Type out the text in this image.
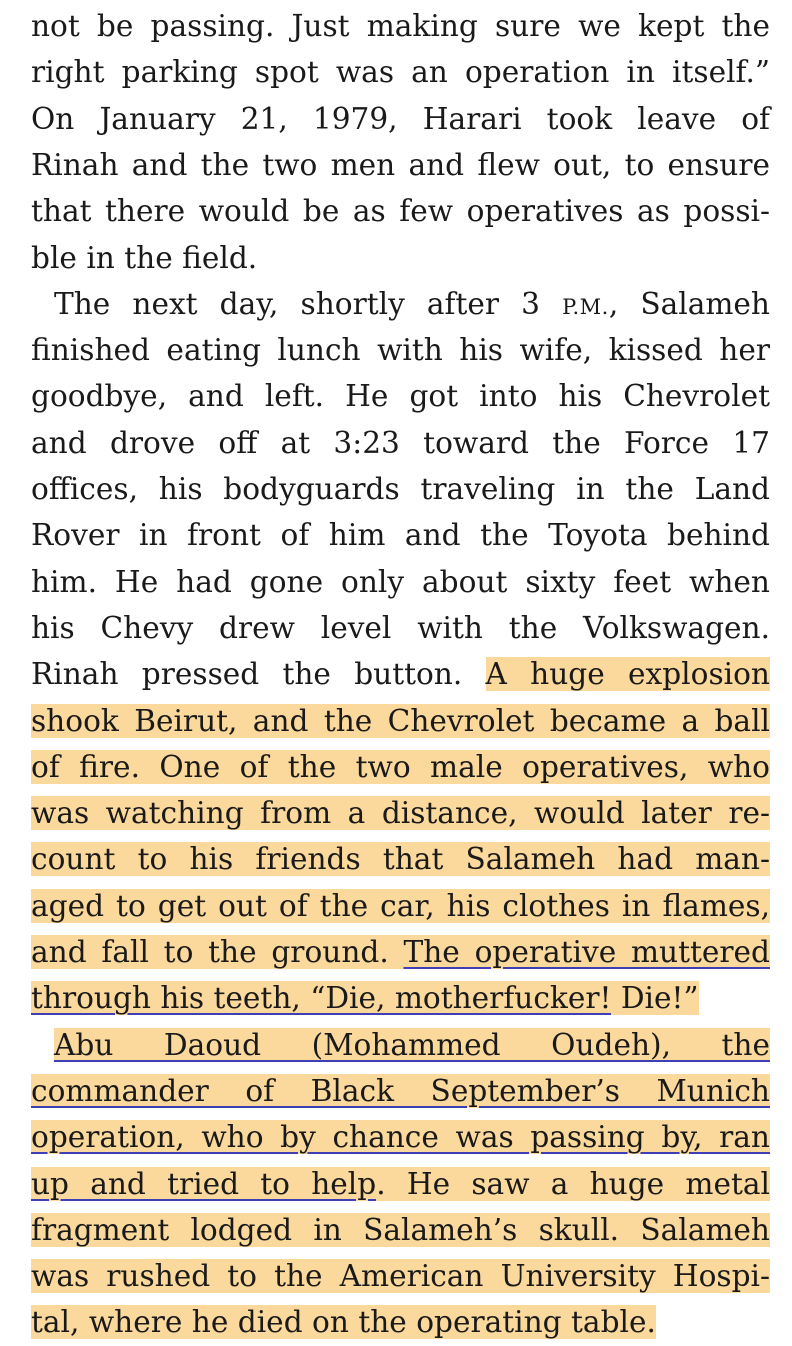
not be passing. Just making sure we kept the
right parking spot was an operation in itself.”
On January 21, 1979, Harari took leave of
Rinah and the two men and flew out, to ensure
that there would be as few operatives as possi-
ble in the field.
The next day, shortly after 3 P.M., Salameh
finished eating lunch with his wife, kissed her
goodbye, and left. He got into his Chevrolet
and drove off at 3:23 toward the Force 17
offices, his bodyguards traveling in the Land
Rover in front of him and the Toyota behind
him. He had gone only about sixty feet when
his Chevy drew level with the Volkswagen.
Rinah pressed the button. A huge explosion
shook Beirut, and the Chevrolet became a ball
of fire. One of the two male operatives, who
was watching from a distance, would later re-
count to his friends that Salameh had man-
aged to get out of the car, his clothes in flames,
and fall to the ground. The operative muttered
through his teeth, “Die, motherfucker! Die!”
Abu Daoud (Mohammed Oudeh), the
commander of Black September’s Munich
operation, who by chance was passing by, ran
up and tried to help. He saw a huge metal
fragment lodged in Salameh’s skull. Salameh
was rushed to the American University Hospi-
tal, where he died on the operating table.
